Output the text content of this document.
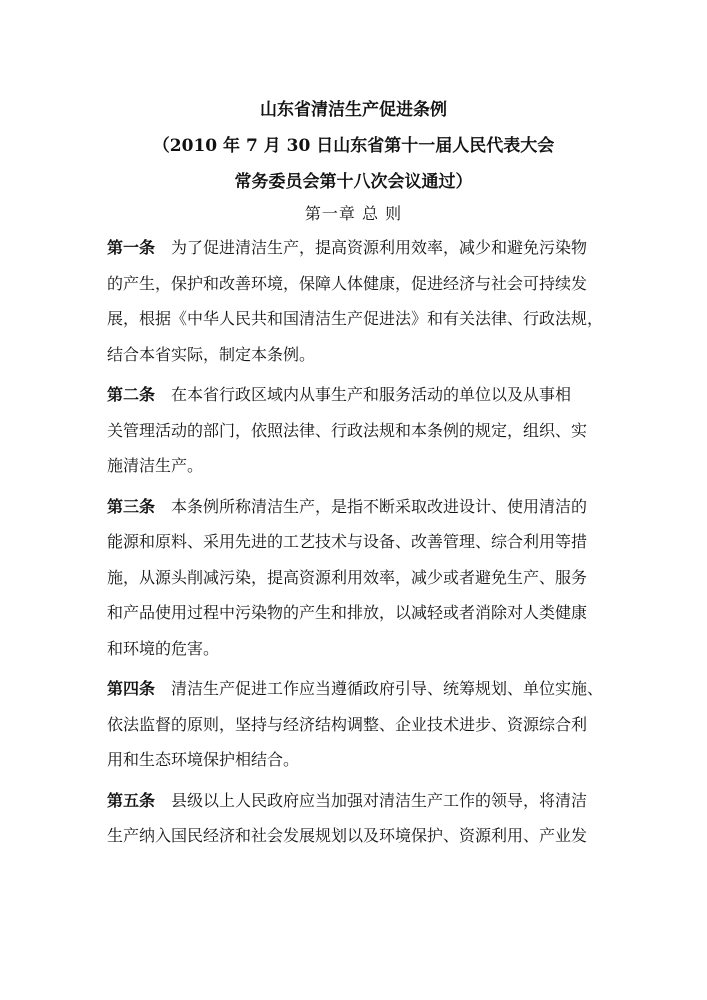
山东省清洁生产促进条例
（2010 年 7 月 30 日山东省第十一届人民代表大会
常务委员会第十八次会议通过）
第一章 总 则
第一条 为了促进清洁生产，提高资源利用效率，减少和避免污染物
的产生，保护和改善环境，保障人体健康，促进经济与社会可持续发
展，根据《中华人民共和国清洁生产促进法》和有关法律、行政法规，
结合本省实际，制定本条例。
第二条 在本省行政区域内从事生产和服务活动的单位以及从事相
关管理活动的部门，依照法律、行政法规和本条例的规定，组织、实
施清洁生产。
第三条 本条例所称清洁生产，是指不断采取改进设计、使用清洁的
能源和原料、采用先进的工艺技术与设备、改善管理、综合利用等措
施，从源头削减污染，提高资源利用效率，减少或者避免生产、服务
和产品使用过程中污染物的产生和排放，以减轻或者消除对人类健康
和环境的危害。
第四条 清洁生产促进工作应当遵循政府引导、统筹规划、单位实施、
依法监督的原则，坚持与经济结构调整、企业技术进步、资源综合利
用和生态环境保护相结合。
第五条 县级以上人民政府应当加强对清洁生产工作的领导，将清洁
生产纳入国民经济和社会发展规划以及环境保护、资源利用、产业发
